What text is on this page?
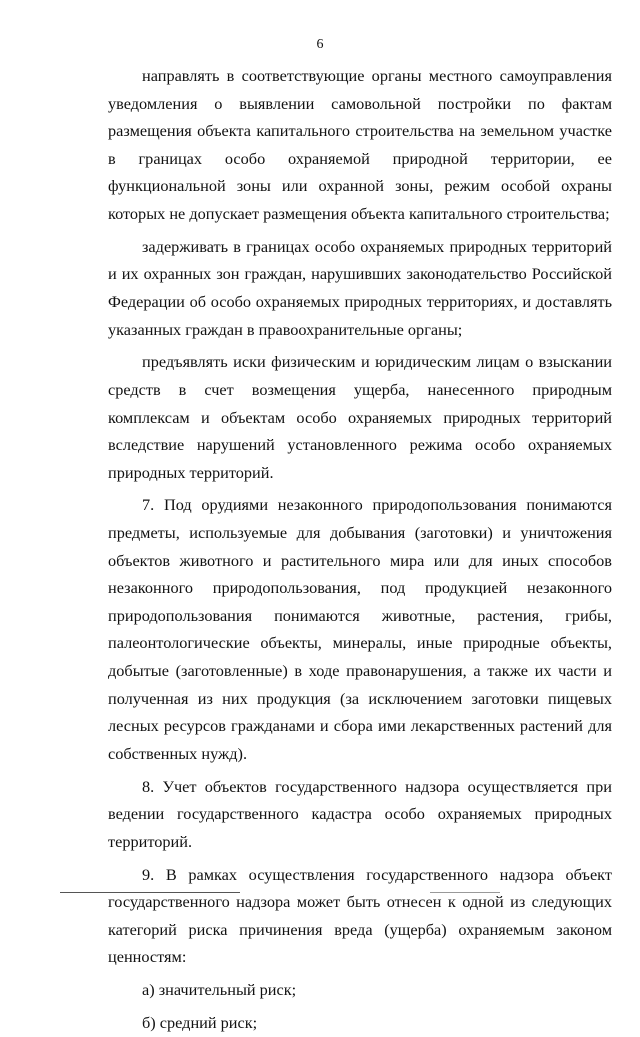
6

направлять в соответствующие органы местного самоуправления уведомления о выявлении самовольной постройки по фактам размещения объекта капитального строительства на земельном участке в границах особо охраняемой природной территории, ее функциональной зоны или охранной зоны, режим особой охраны которых не допускает размещения объекта капитального строительства;

задерживать в границах особо охраняемых природных территорий и их охранных зон граждан, нарушивших законодательство Российской Федерации об особо охраняемых природных территориях, и доставлять указанных граждан в правоохранительные органы;

предъявлять иски физическим и юридическим лицам о взыскании средств в счет возмещения ущерба, нанесенного природным комплексам и объектам особо охраняемых природных территорий вследствие нарушений установленного режима особо охраняемых природных территорий.

7. Под орудиями незаконного природопользования понимаются предметы, используемые для добывания (заготовки) и уничтожения объектов животного и растительного мира или для иных способов незаконного природопользования, под продукцией незаконного природопользования понимаются животные, растения, грибы, палеонтологические объекты, минералы, иные природные объекты, добытые (заготовленные) в ходе правонарушения, а также их части и полученная из них продукция (за исключением заготовки пищевых лесных ресурсов гражданами и сбора ими лекарственных растений для собственных нужд).

8. Учет объектов государственного надзора осуществляется при ведении государственного кадастра особо охраняемых природных территорий.

9. В рамках осуществления государственного надзора объект государственного надзора может быть отнесен к одной из следующих категорий риска причинения вреда (ущерба) охраняемым законом ценностям:

а) значительный риск;

б) средний риск;
